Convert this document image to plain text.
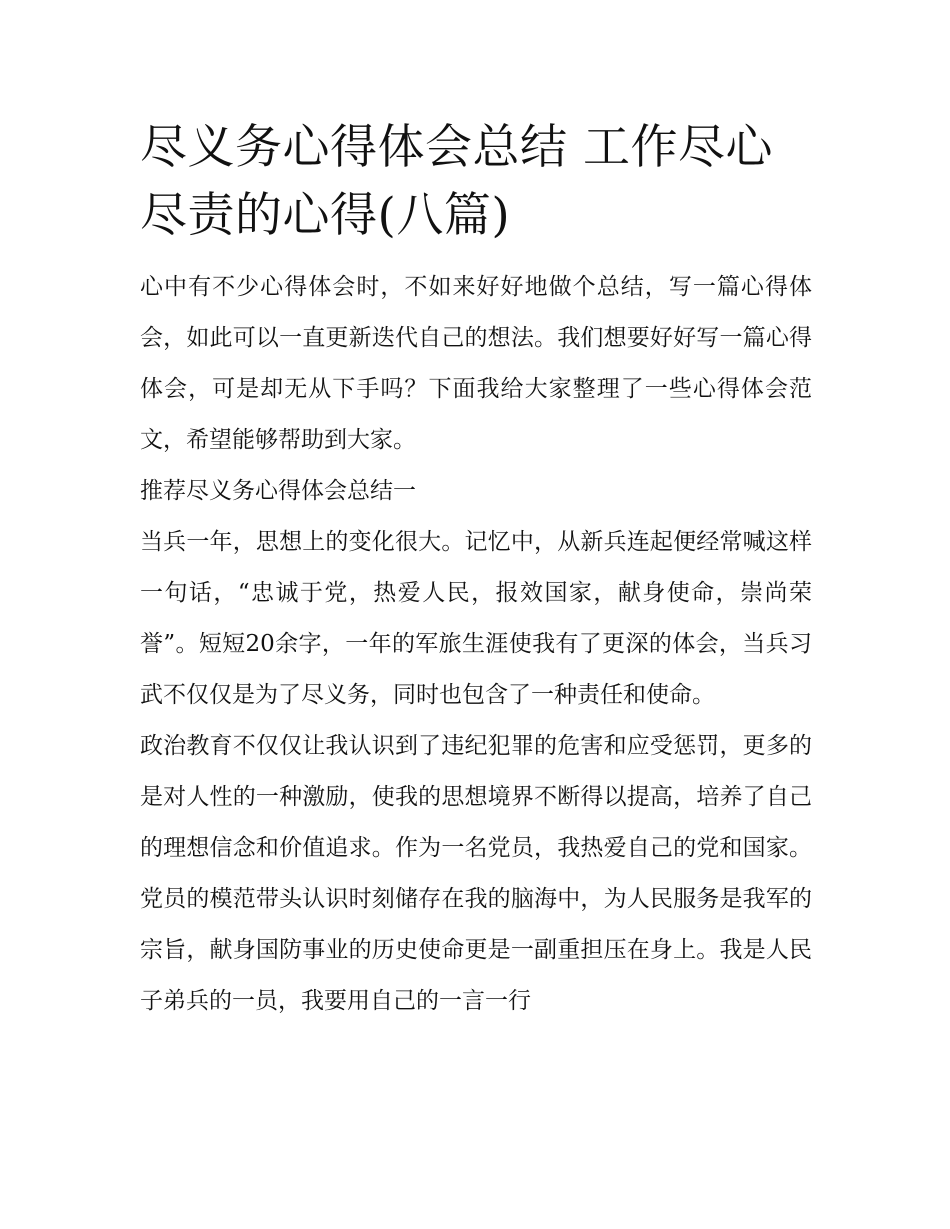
尽义务心得体会总结 工作尽心尽责的心得(八篇)

心中有不少心得体会时，不如来好好地做个总结，写一篇心得体会，如此可以一直更新迭代自己的想法。我们想要好好写一篇心得体会，可是却无从下手吗？下面我给大家整理了一些心得体会范文，希望能够帮助到大家。

推荐尽义务心得体会总结一

当兵一年，思想上的变化很大。记忆中，从新兵连起便经常喊这样一句话，“忠诚于党，热爱人民，报效国家，献身使命，崇尚荣誉”。短短20余字，一年的军旅生涯使我有了更深的体会，当兵习武不仅仅是为了尽义务，同时也包含了一种责任和使命。

政治教育不仅仅让我认识到了违纪犯罪的危害和应受惩罚，更多的是对人性的一种激励，使我的思想境界不断得以提高，培养了自己的理想信念和价值追求。作为一名党员，我热爱自己的党和国家。党员的模范带头认识时刻储存在我的脑海中，为人民服务是我军的宗旨，献身国防事业的历史使命更是一副重担压在身上。我是人民子弟兵的一员，我要用自己的一言一行
